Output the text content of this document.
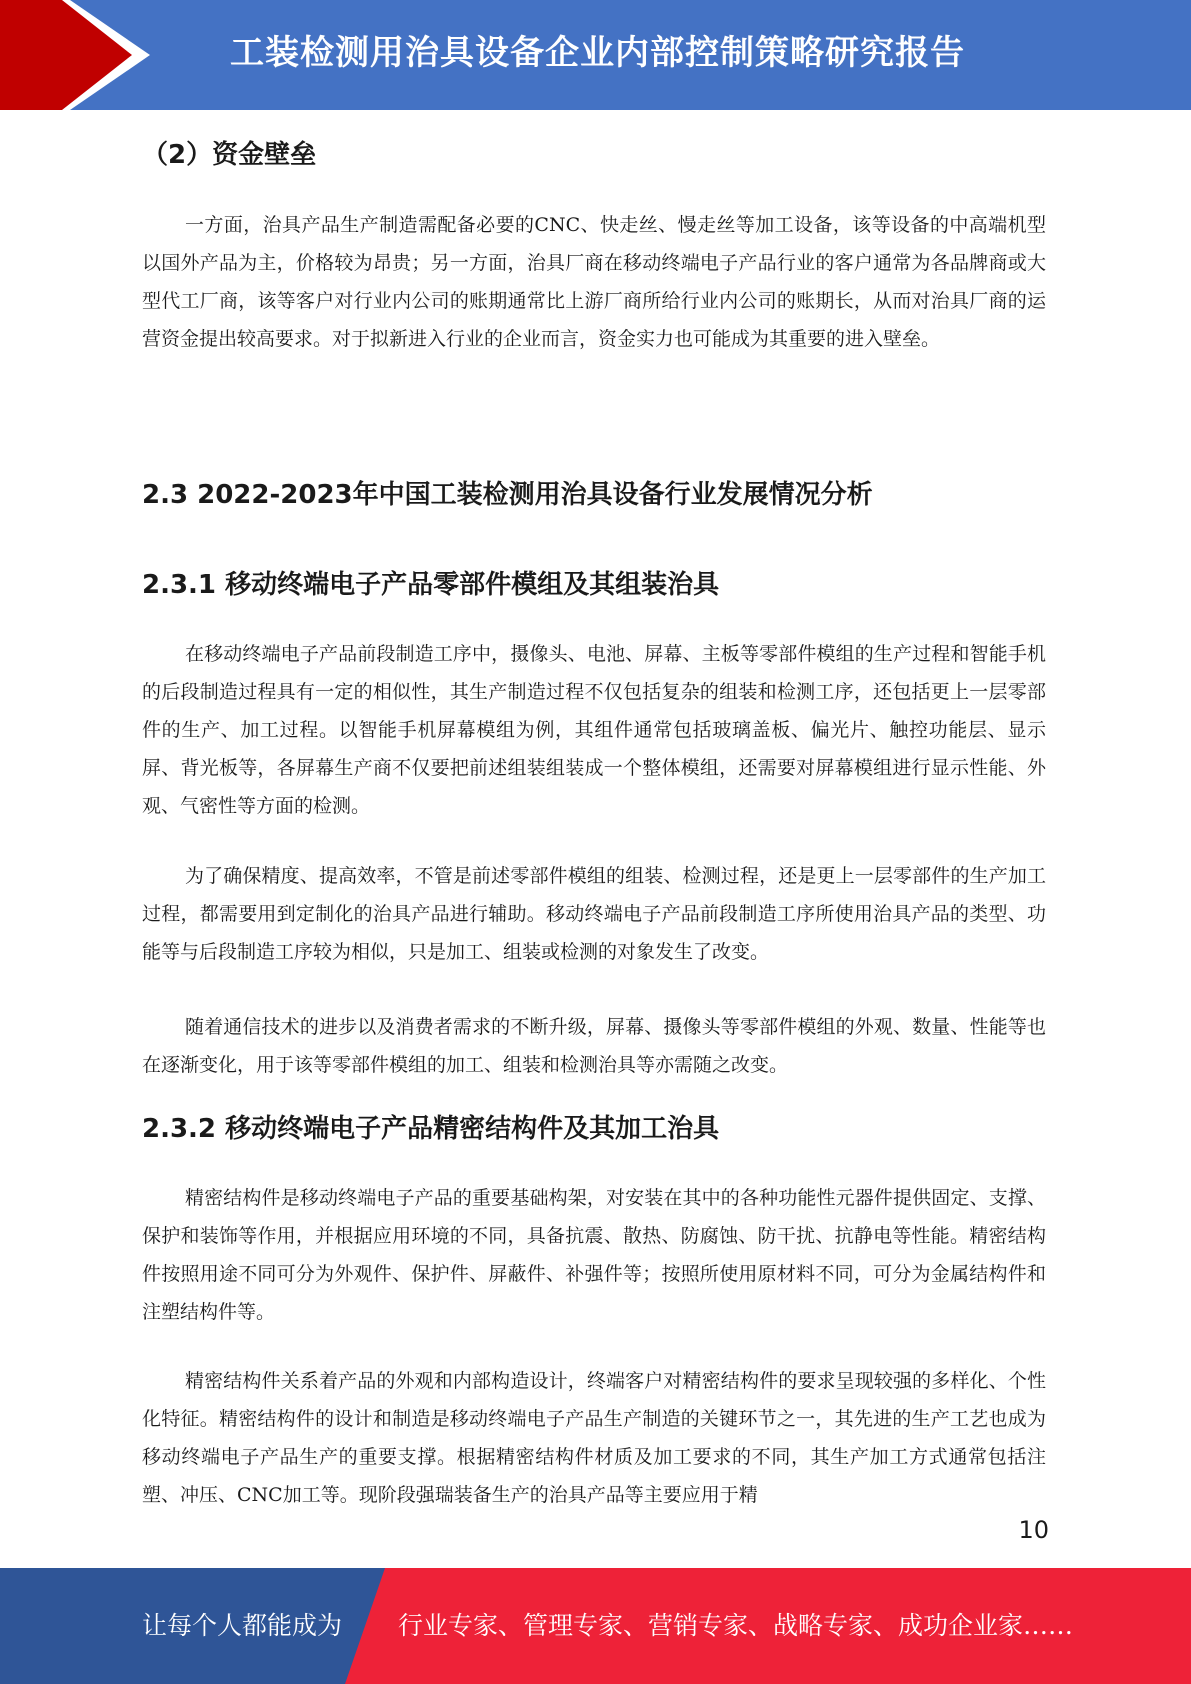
工装检测用治具设备企业内部控制策略研究报告
（2）资金壁垒

一方面，治具产品生产制造需配备必要的CNC、快走丝、慢走丝等加工设备，该等设备的中高端机型以国外产品为主，价格较为昂贵；另一方面，治具厂商在移动终端电子产品行业的客户通常为各品牌商或大型代工厂商，该等客户对行业内公司的账期通常比上游厂商所给行业内公司的账期长，从而对治具厂商的运营资金提出较高要求。对于拟新进入行业的企业而言，资金实力也可能成为其重要的进入壁垒。

2.3 2022-2023年中国工装检测用治具设备行业发展情况分析
2.3.1 移动终端电子产品零部件模组及其组装治具

在移动终端电子产品前段制造工序中，摄像头、电池、屏幕、主板等零部件模组的生产过程和智能手机的后段制造过程具有一定的相似性，其生产制造过程不仅包括复杂的组装和检测工序，还包括更上一层零部件的生产、加工过程。以智能手机屏幕模组为例，其组件通常包括玻璃盖板、偏光片、触控功能层、显示屏、背光板等，各屏幕生产商不仅要把前述组装组装成一个整体模组，还需要对屏幕模组进行显示性能、外观、气密性等方面的检测。

为了确保精度、提高效率，不管是前述零部件模组的组装、检测过程，还是更上一层零部件的生产加工过程，都需要用到定制化的治具产品进行辅助。移动终端电子产品前段制造工序所使用治具产品的类型、功能等与后段制造工序较为相似，只是加工、组装或检测的对象发生了改变。

随着通信技术的进步以及消费者需求的不断升级，屏幕、摄像头等零部件模组的外观、数量、性能等也在逐渐变化，用于该等零部件模组的加工、组装和检测治具等亦需随之改变。

2.3.2 移动终端电子产品精密结构件及其加工治具

精密结构件是移动终端电子产品的重要基础构架，对安装在其中的各种功能性元器件提供固定、支撑、保护和装饰等作用，并根据应用环境的不同，具备抗震、散热、防腐蚀、防干扰、抗静电等性能。精密结构件按照用途不同可分为外观件、保护件、屏蔽件、补强件等；按照所使用原材料不同，可分为金属结构件和注塑结构件等。

精密结构件关系着产品的外观和内部构造设计，终端客户对精密结构件的要求呈现较强的多样化、个性化特征。精密结构件的设计和制造是移动终端电子产品生产制造的关键环节之一，其先进的生产工艺也成为移动终端电子产品生产的重要支撑。根据精密结构件材质及加工要求的不同，其生产加工方式通常包括注塑、冲压、CNC加工等。现阶段强瑞装备生产的治具产品等主要应用于精

10
让每个人都能成为 行业专家、管理专家、营销专家、战略专家、成功企业家……
